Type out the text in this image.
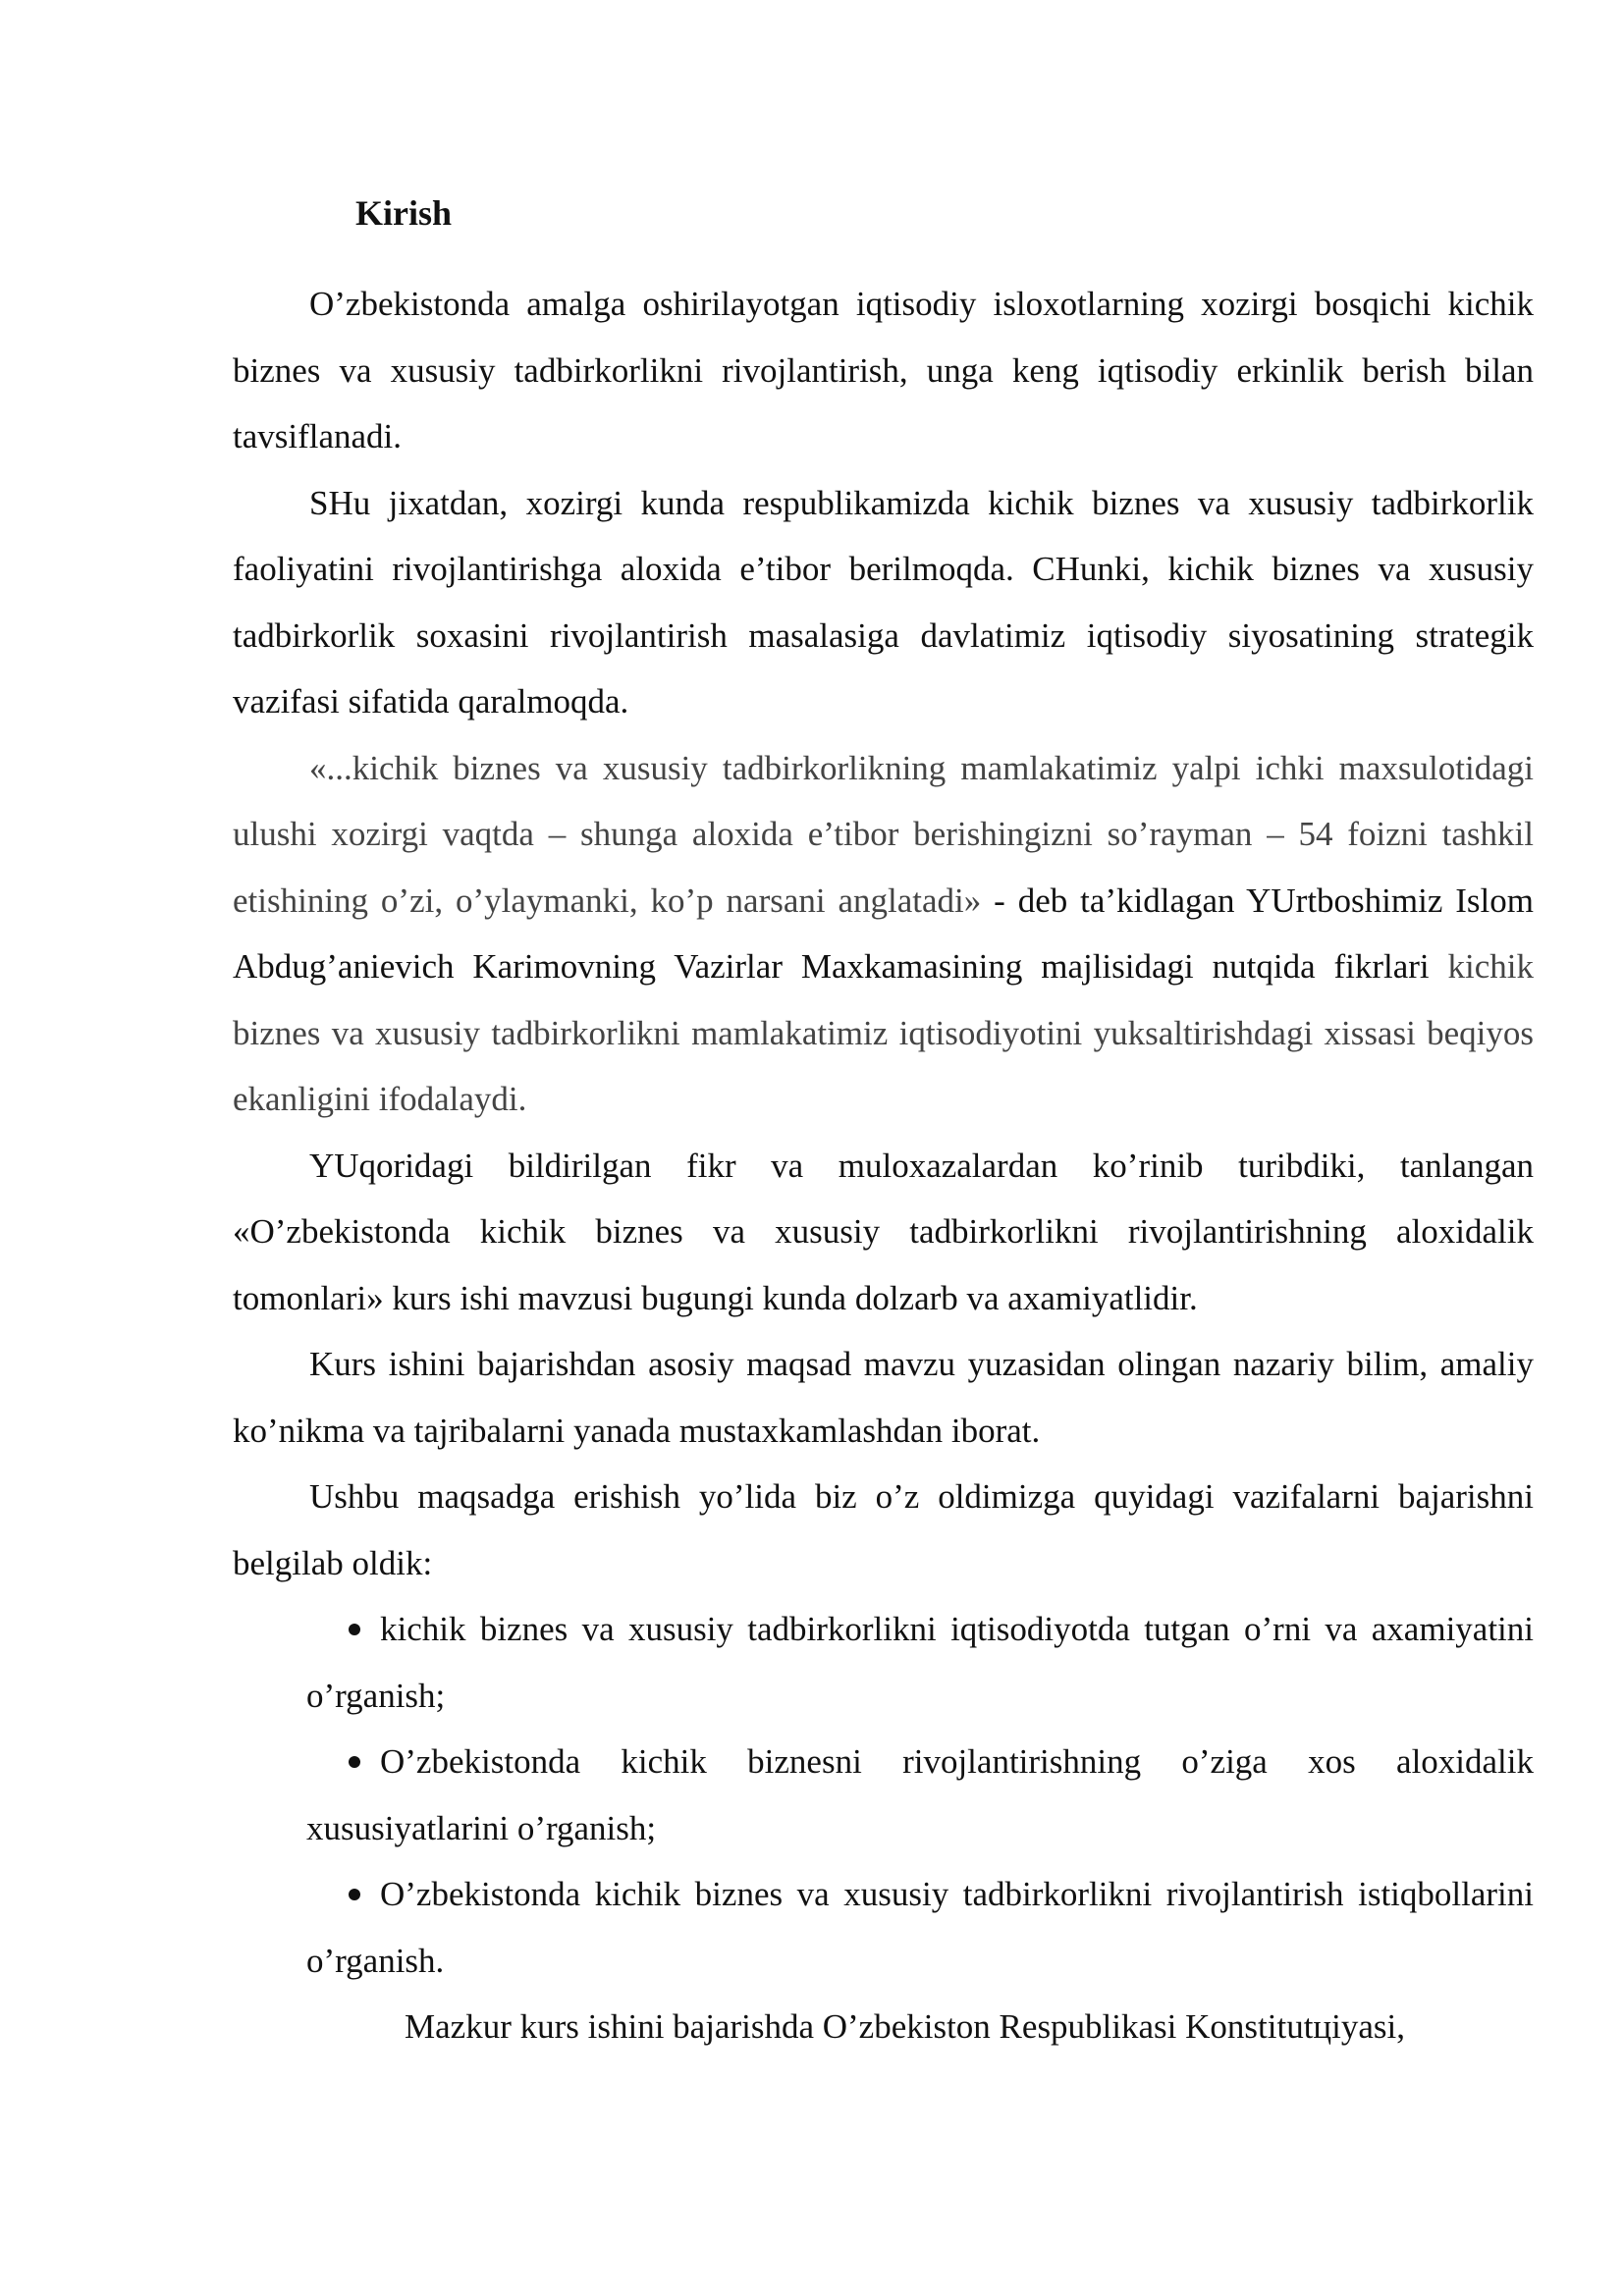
Kirish

O’zbekistonda amalga oshirilayotgan iqtisodiy isloxotlarning xozirgi bosqichi kichik biznes va xususiy tadbirkorlikni rivojlantirish, unga keng iqtisodiy erkinlik berish bilan tavsiflanadi.

SHu jixatdan, xozirgi kunda respublikamizda kichik biznes va xususiy tadbirkorlik faoliyatini rivojlantirishga aloxida e’tibor berilmoqda. CHunki, kichik biznes va xususiy tadbirkorlik soxasini rivojlantirish masalasiga davlatimiz iqtisodiy siyosatining strategik vazifasi sifatida qaralmoqda.

«...kichik biznes va xususiy tadbirkorlikning mamlakatimiz yalpi ichki maxsulotidagi ulushi xozirgi vaqtda – shunga aloxida e’tibor berishingizni so’rayman – 54 foizni tashkil etishining o’zi, o’ylaymanki, ko’p narsani anglatadi» - deb ta’kidlagan YUrtboshimiz Islom Abdug’anievich Karimovning Vazirlar Maxkamasining majlisidagi nutqida fikrlari kichik biznes va xususiy tadbirkorlikni mamlakatimiz iqtisodiyotini yuksaltirishdagi xissasi beqiyos ekanligini ifodalaydi.

YUqoridagi bildirilgan fikr va muloxazalardan ko’rinib turibdiki, tanlangan «O’zbekistonda kichik biznes va xususiy tadbirkorlikni rivojlantirishning aloxidalik tomonlari» kurs ishi mavzusi bugungi kunda dolzarb va axamiyatlidir.

Kurs ishini bajarishdan asosiy maqsad mavzu yuzasidan olingan nazariy bilim, amaliy ko’nikma va tajribalarni yanada mustaxkamlashdan iborat.

Ushbu maqsadga erishish yo’lida biz o’z oldimizga quyidagi vazifalarni bajarishni belgilab oldik:

kichik biznes va xususiy tadbirkorlikni iqtisodiyotda tutgan o’rni va axamiyatini o’rganish;
O’zbekistonda kichik biznesni rivojlantirishning o’ziga xos aloxidalik xususiyatlarini o’rganish;
O’zbekistonda kichik biznes va xususiy tadbirkorlikni rivojlantirish istiqbollarini o’rganish.

Mazkur kurs ishini bajarishda O’zbekiston Respublikasi Konstitutцiyasi,
